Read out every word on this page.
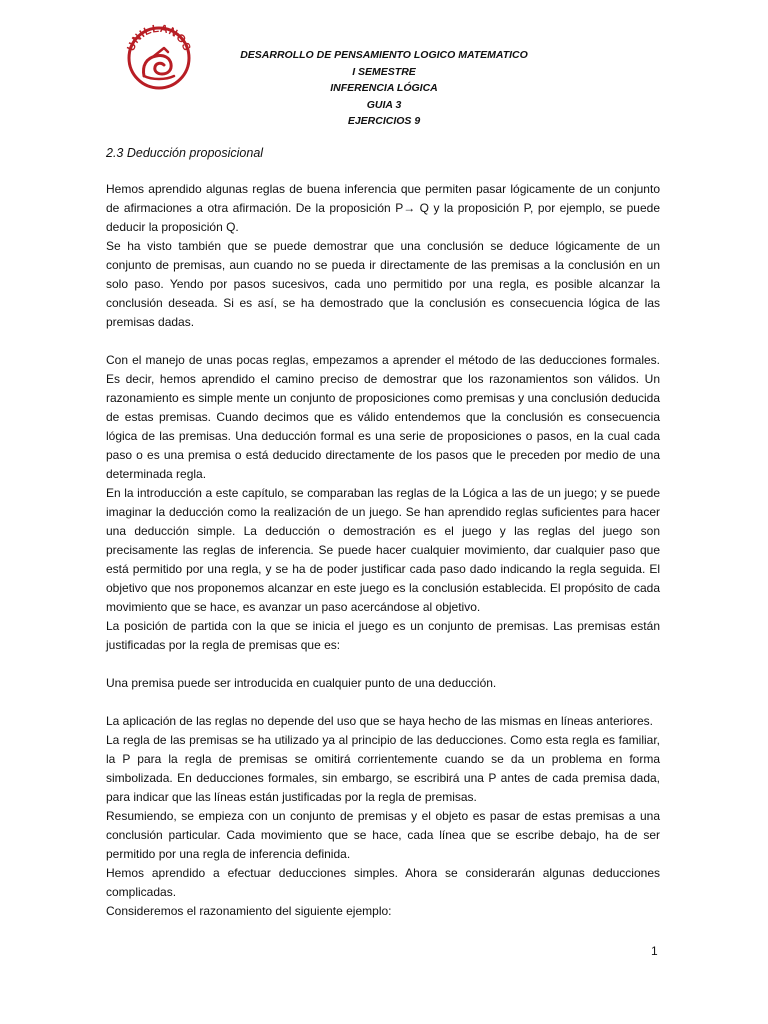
UNILLANOS
DESARROLLO DE PENSAMIENTO LOGICO MATEMATICO
I SEMESTRE
INFERENCIA LÓGICA
GUIA 3
EJERCICIOS 9
2.3 Deducción proposicional

Hemos aprendido algunas reglas de buena inferencia que permiten pasar lógicamente de un conjunto de afirmaciones a otra afirmación. De la proposición P→ Q y la proposición P, por ejemplo, se puede deducir la proposición Q.

Se ha visto también que se puede demostrar que una conclusión se deduce lógicamente de un conjunto de premisas, aun cuando no se pueda ir directamente de las premisas a la conclusión en un solo paso. Yendo por pasos sucesivos, cada uno permitido por una regla, es posible alcanzar la conclusión deseada. Si es así, se ha demostrado que la conclusión es consecuencia lógica de las premisas dadas.

Con el manejo de unas pocas reglas, empezamos a aprender el método de las deducciones formales. Es decir, hemos aprendido el camino preciso de demostrar que los razonamientos son válidos. Un razonamiento es simple mente un conjunto de proposiciones como premisas y una conclusión deducida de estas premisas. Cuando decimos que es válido entendemos que la conclusión es consecuencia lógica de las premisas. Una deducción formal es una serie de proposiciones o pasos, en la cual cada paso o es una premisa o está deducido directamente de los pasos que le preceden por medio de una determinada regla.

En la introducción a este capítulo, se comparaban las reglas de la Lógica a las de un juego; y se puede imaginar la deducción como la realización de un juego. Se han aprendido reglas suficientes para hacer una deducción simple. La deducción o demostración es el juego y las reglas del juego son precisamente las reglas de inferencia. Se puede hacer cualquier movimiento, dar cualquier paso que está permitido por una regla, y se ha de poder justificar cada paso dado indicando la regla seguida. El objetivo que nos proponemos alcanzar en este juego es la conclusión establecida. El propósito de cada movimiento que se hace, es avanzar un paso acercándose al objetivo.

La posición de partida con la que se inicia el juego es un conjunto de premisas. Las premisas están justificadas por la regla de premisas que es:

Una premisa puede ser introducida en cualquier punto de una deducción.

La aplicación de las reglas no depende del uso que se haya hecho de las mismas en líneas anteriores.

La regla de las premisas se ha utilizado ya al principio de las deducciones. Como esta regla es familiar, la P para la regla de premisas se omitirá corrientemente cuando se da un problema en forma simbolizada. En deducciones formales, sin embargo, se escribirá una P antes de cada premisa dada, para indicar que las líneas están justificadas por la regla de premisas.

Resumiendo, se empieza con un conjunto de premisas y el objeto es pasar de estas premisas a una conclusión particular. Cada movimiento que se hace, cada línea que se escribe debajo, ha de ser permitido por una regla de inferencia definida.

Hemos aprendido a efectuar deducciones simples. Ahora se considerarán algunas deducciones complicadas.

Consideremos el razonamiento del siguiente ejemplo:

1
